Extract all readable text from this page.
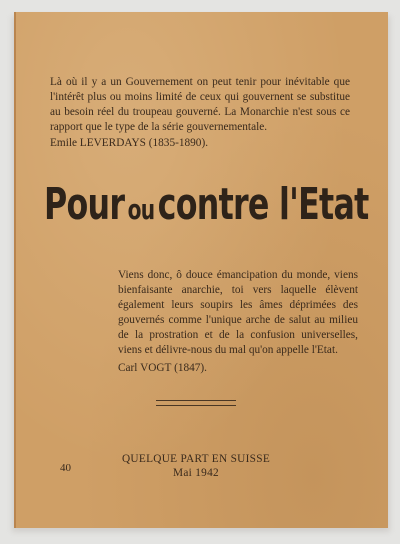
Là où il y a un Gouvernement on peut tenir pour inévitable que l'intérêt plus ou moins limité de ceux qui gouvernent se substitue au besoin réel du troupeau gouverné. La Monarchie n'est sous ce rapport que le type de la série gouvernementale.
Emile LEVERDAYS (1835-1890).
Pour ou contre l'Etat
Viens donc, ô douce émancipation du monde, viens bienfaisante anarchie, toi vers laquelle élèvent également leurs soupirs les âmes déprimées des gouvernés comme l'unique arche de salut au milieu de la prostration et de la confusion universelles, viens et délivre-nous du mal qu'on appelle l'Etat.
Carl VOGT (1847).
40
QUELQUE PART EN SUISSE
Mai 1942
